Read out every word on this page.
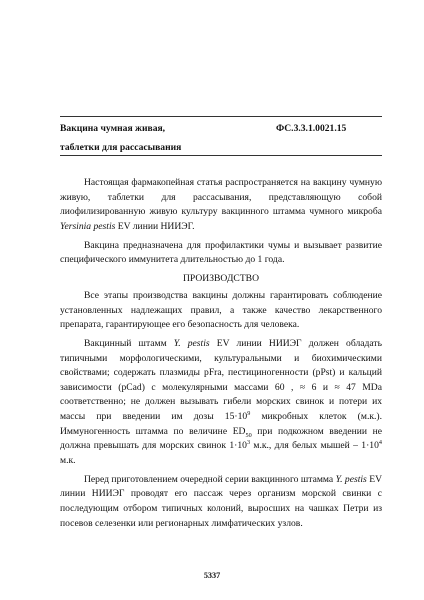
Вакцина чумная живая,	ФС.3.3.1.0021.15
таблетки для рассасывания

Настоящая фармакопейная статья распространяется на вакцину чумную живую, таблетки для рассасывания, представляющую собой лиофилизированную живую культуру вакцинного штамма чумного микроба Yersinia pestis EV линии НИИЭГ.

Вакцина предназначена для профилактики чумы и вызывает развитие специфического иммунитета длительностью до 1 года.

ПРОИЗВОДСТВО

Все этапы производства вакцины должны гарантировать соблюдение установленных надлежащих правил, а также качество лекарственного препарата, гарантирующее его безопасность для человека.

Вакцинный штамм Y. pestis EV линии НИИЭГ должен обладать типичными морфологическими, культуральными и биохимическими свойствами; содержать плазмиды pFra, пестициногенности (pPst) и кальций зависимости (pCad) с молекулярными массами 60 , ≈ 6 и ≈ 47 MDa соответственно; не должен вызывать гибели морских свинок и потери их массы при введении им дозы $15\cdot 10^9$ микробных клеток (м.к.). Иммуногенность штамма по величине $ED_{50}$ при подкожном введении не должна превышать для морских свинок $1\cdot 10^3$ м.к., для белых мышей – $1\cdot 10^4$ м.к.

Перед приготовлением очередной серии вакцинного штамма Y. pestis EV линии НИИЭГ проводят его пассаж через организм морской свинки с последующим отбором типичных колоний, выросших на чашках Петри из посевов селезенки или регионарных лимфатических узлов.

5337
